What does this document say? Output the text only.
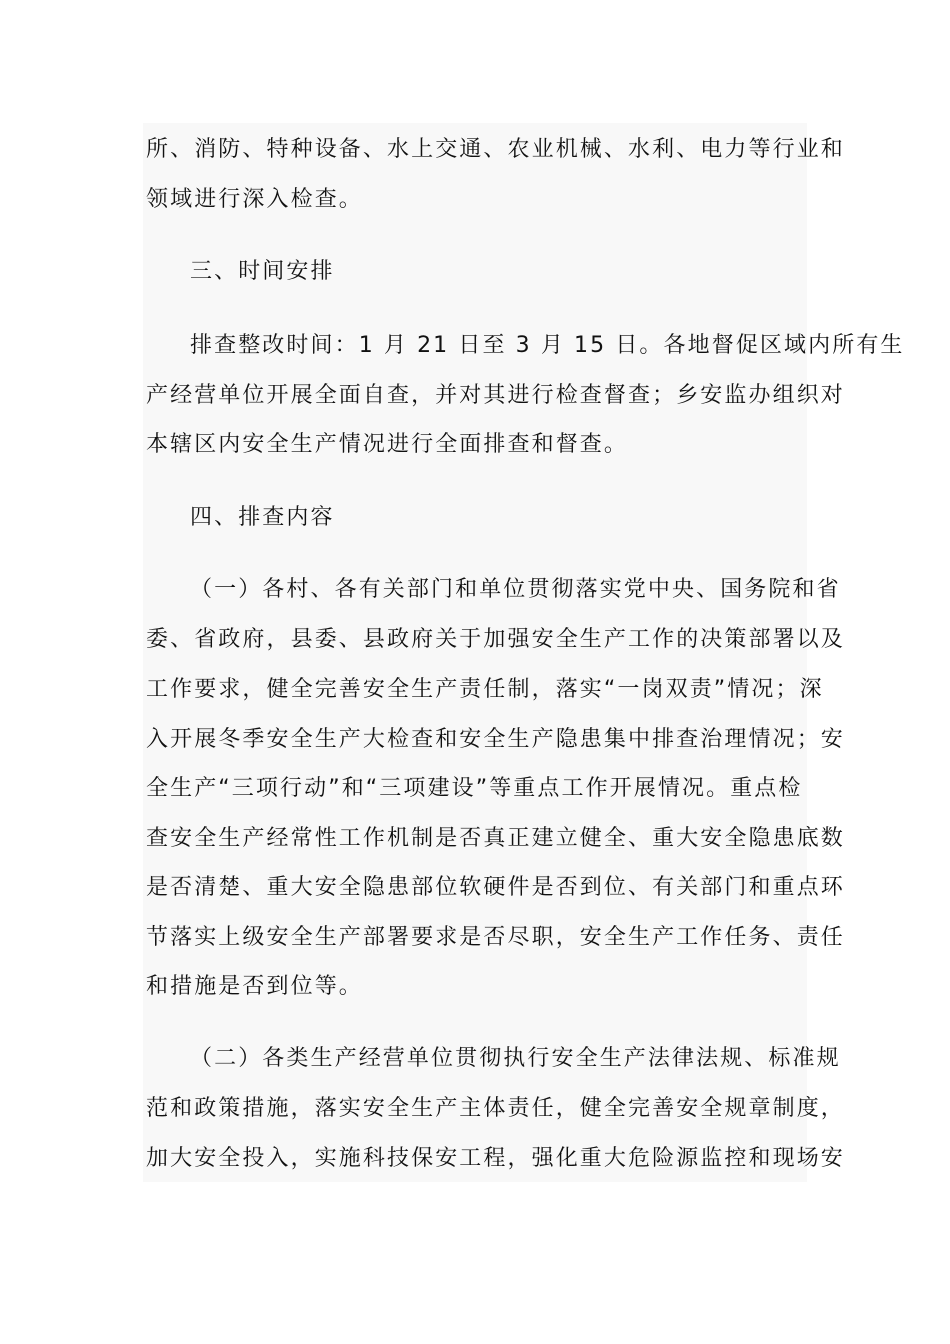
所、消防、特种设备、水上交通、农业机械、水利、电力等行业和
领域进行深入检查。
三、时间安排
排查整改时间：1 月 21 日至 3 月 15 日。各地督促区域内所有生
产经营单位开展全面自查，并对其进行检查督查；乡安监办组织对
本辖区内安全生产情况进行全面排查和督查。
四、排查内容
（一）各村、各有关部门和单位贯彻落实党中央、国务院和省
委、省政府，县委、县政府关于加强安全生产工作的决策部署以及
工作要求，健全完善安全生产责任制，落实“一岗双责”情况；深
入开展冬季安全生产大检查和安全生产隐患集中排查治理情况；安
全生产“三项行动”和“三项建设”等重点工作开展情况。重点检
查安全生产经常性工作机制是否真正建立健全、重大安全隐患底数
是否清楚、重大安全隐患部位软硬件是否到位、有关部门和重点环
节落实上级安全生产部署要求是否尽职，安全生产工作任务、责任
和措施是否到位等。
（二）各类生产经营单位贯彻执行安全生产法律法规、标准规
范和政策措施，落实安全生产主体责任，健全完善安全规章制度，
加大安全投入，实施科技保安工程，强化重大危险源监控和现场安
